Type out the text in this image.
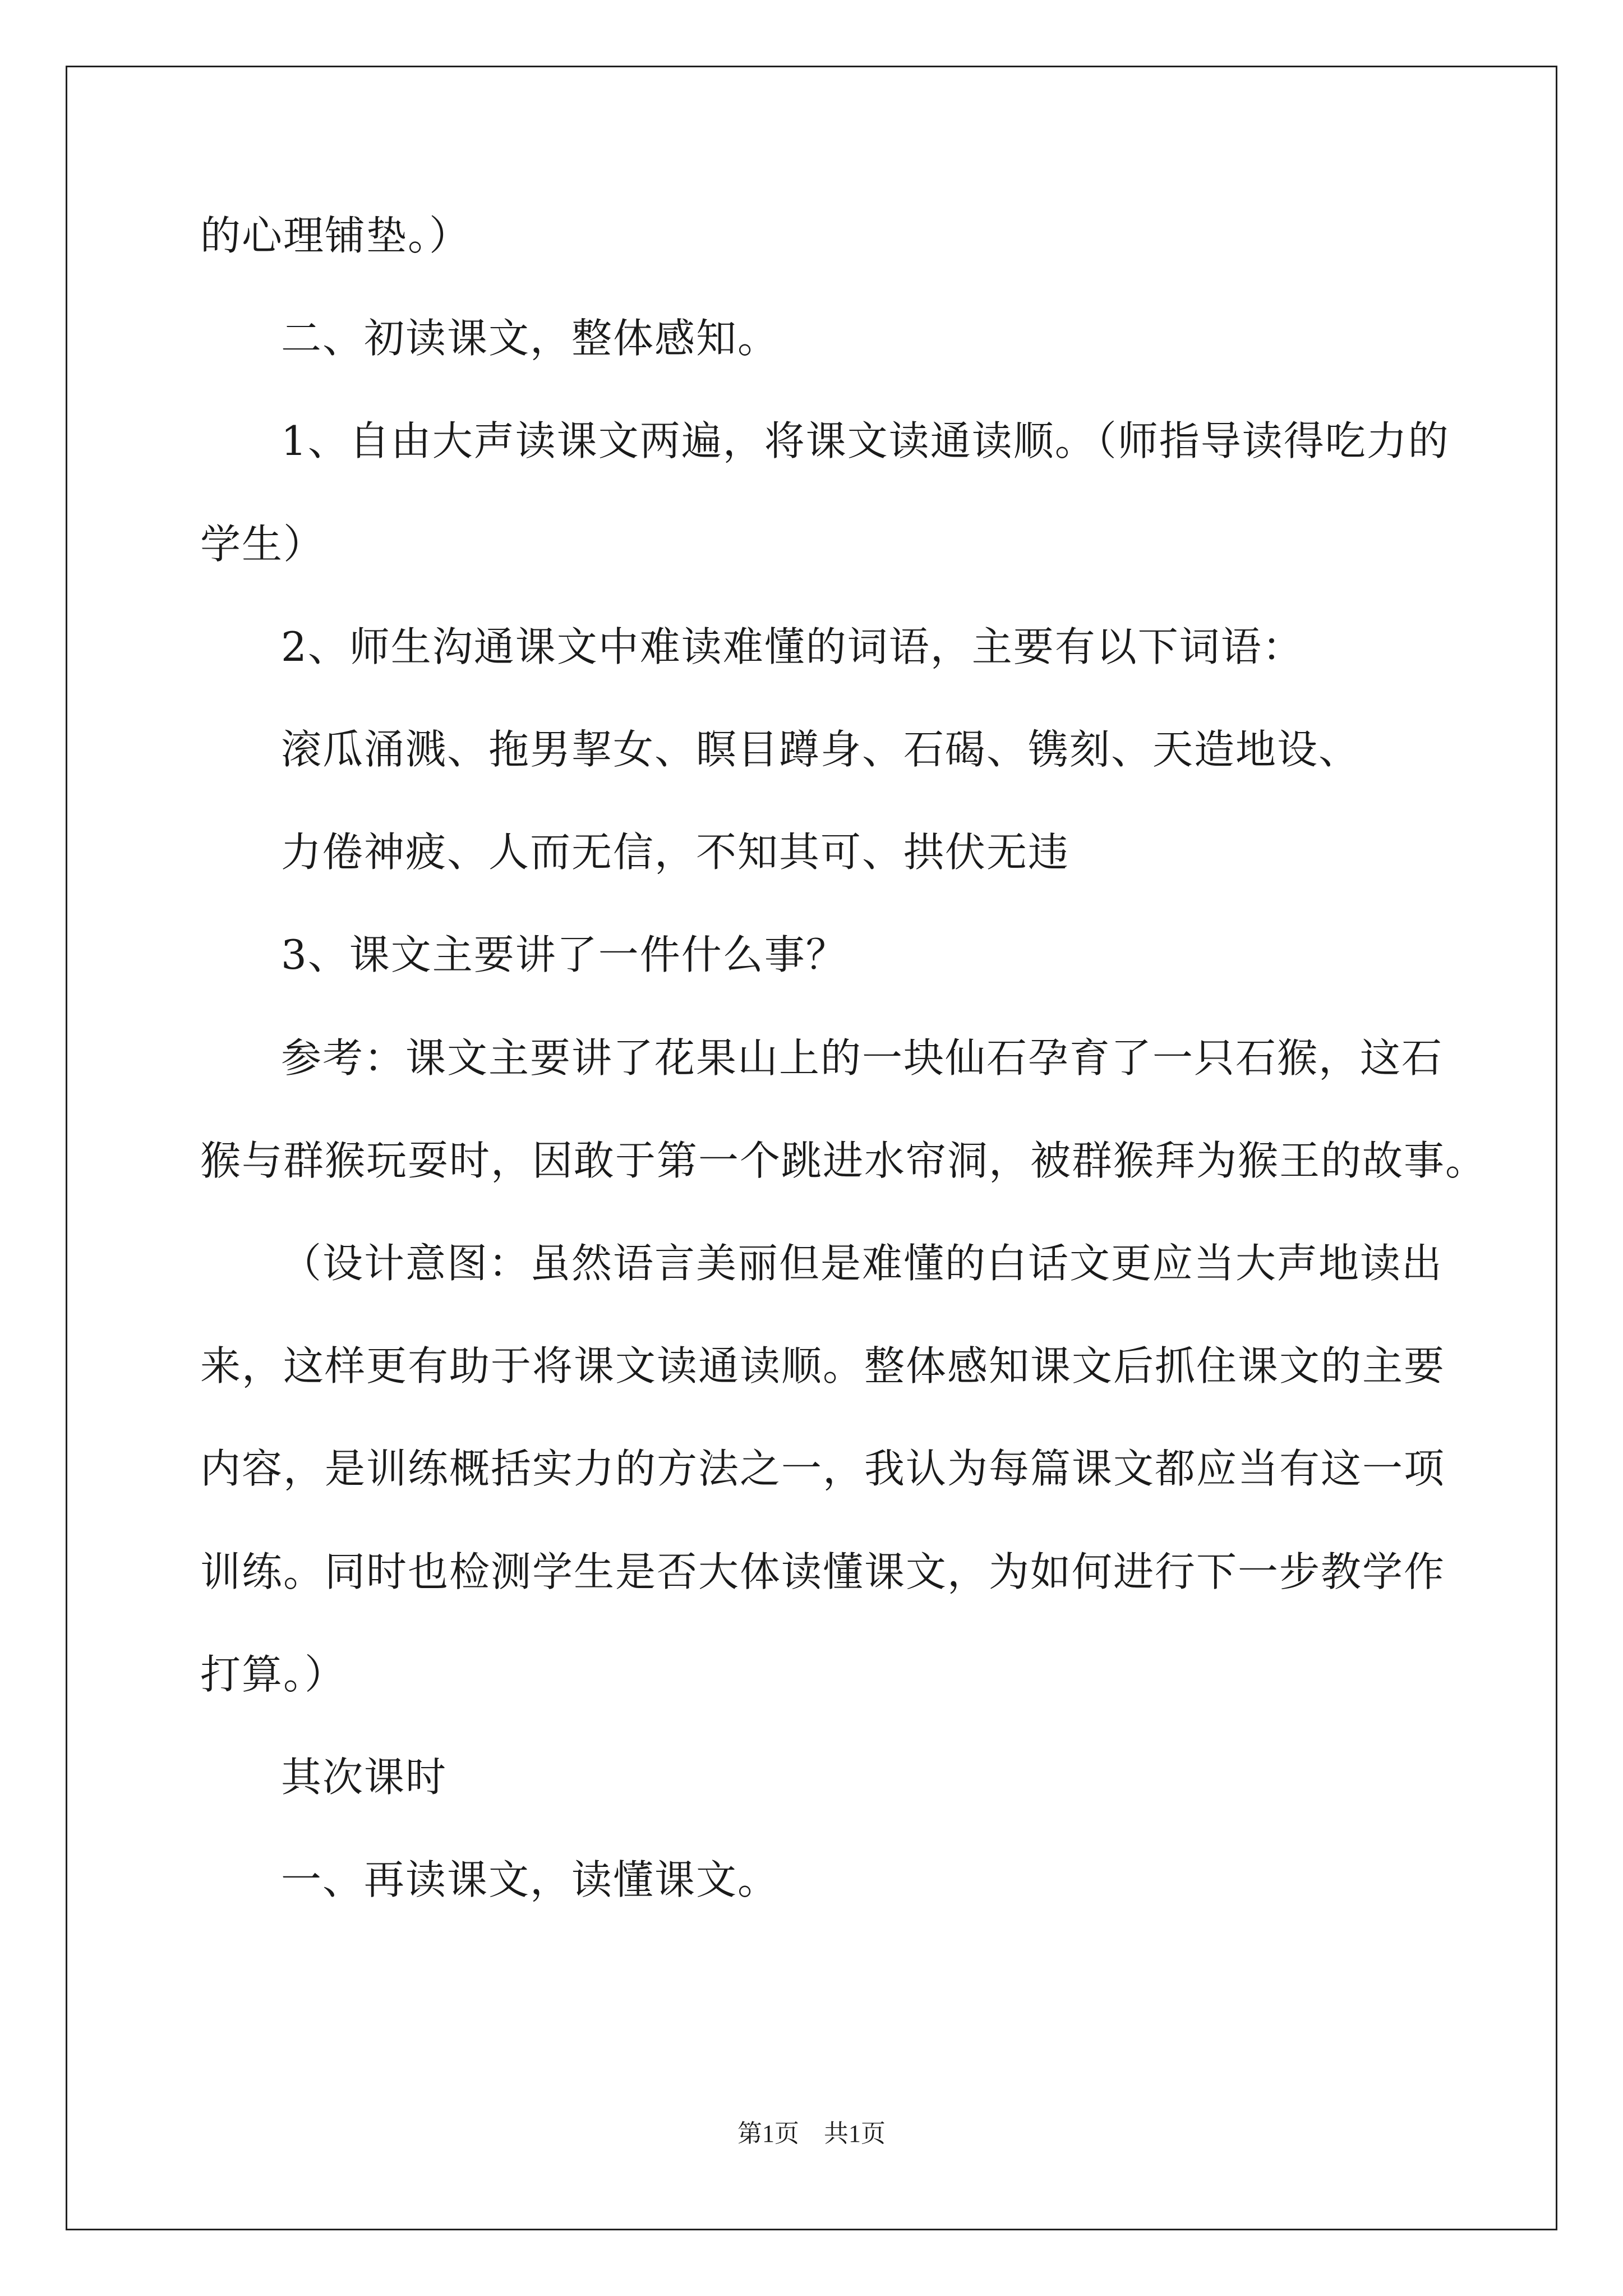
的心理铺垫。）
二、初读课文，整体感知。
1、自由大声读课文两遍，将课文读通读顺。（师指导读得吃力的
学生）
2、师生沟通课文中难读难懂的词语，主要有以下词语：
滚瓜涌溅、拖男挈女、瞑目蹲身、石碣、镌刻、天造地设、
力倦神疲、人而无信，不知其可、拱伏无违
3、课文主要讲了一件什么事？
参考：课文主要讲了花果山上的一块仙石孕育了一只石猴，这石
猴与群猴玩耍时，因敢于第一个跳进水帘洞，被群猴拜为猴王的故事。
（设计意图：虽然语言美丽但是难懂的白话文更应当大声地读出
来，这样更有助于将课文读通读顺。整体感知课文后抓住课文的主要
内容，是训练概括实力的方法之一，我认为每篇课文都应当有这一项
训练。同时也检测学生是否大体读懂课文，为如何进行下一步教学作
打算。）
其次课时
一、再读课文，读懂课文。
第1页　共1页
